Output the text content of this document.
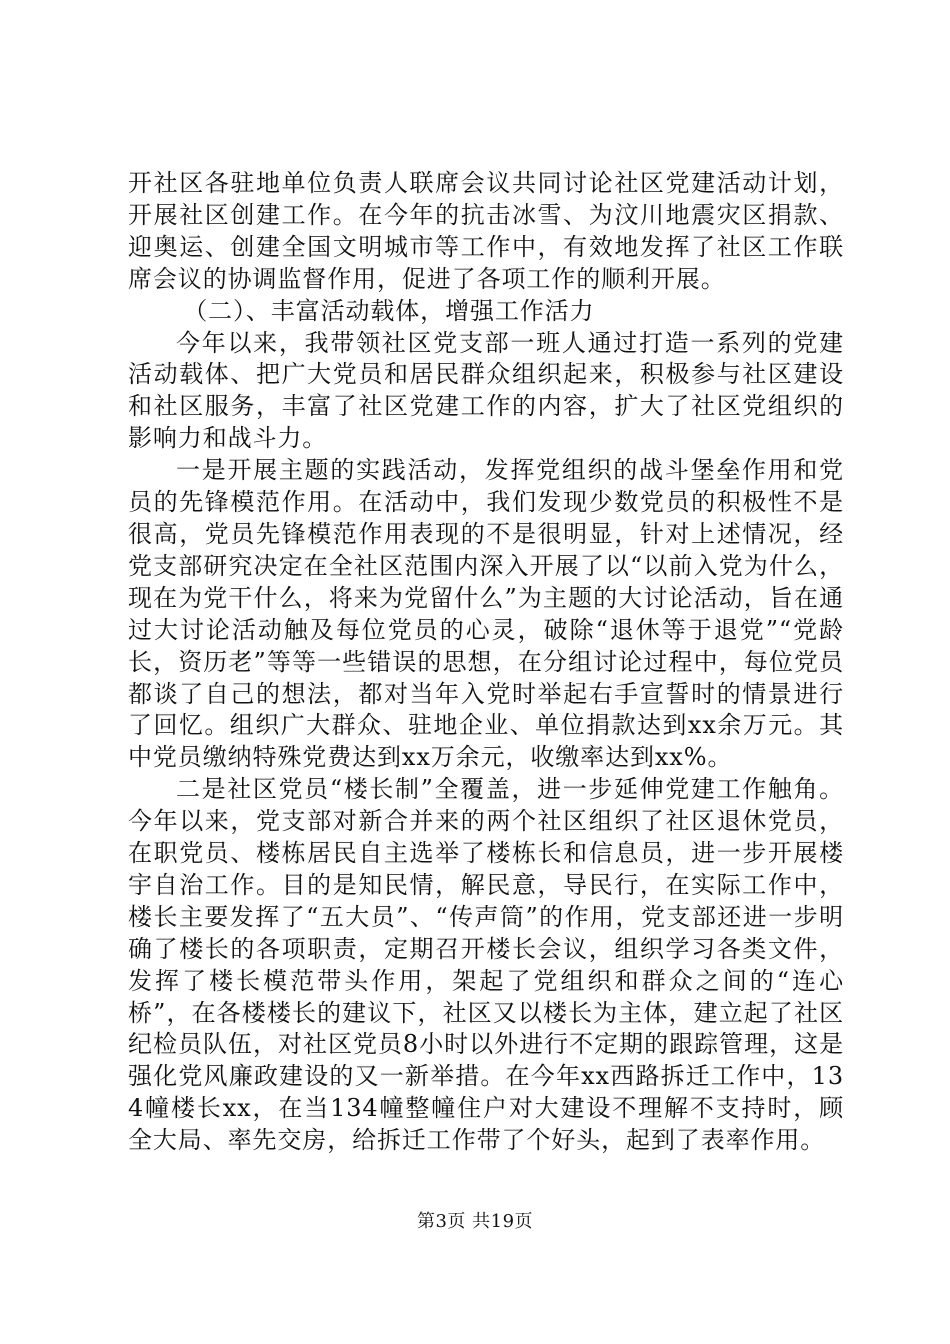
开社区各驻地单位负责人联席会议共同讨论社区党建活动计划，开展社区创建工作。在今年的抗击冰雪、为汶川地震灾区捐款、迎奥运、创建全国文明城市等工作中，有效地发挥了社区工作联席会议的协调监督作用，促进了各项工作的顺利开展。

（二）、丰富活动载体，增强工作活力

今年以来，我带领社区党支部一班人通过打造一系列的党建活动载体、把广大党员和居民群众组织起来，积极参与社区建设和社区服务，丰富了社区党建工作的内容，扩大了社区党组织的影响力和战斗力。

一是开展主题的实践活动，发挥党组织的战斗堡垒作用和党员的先锋模范作用。在活动中，我们发现少数党员的积极性不是很高，党员先锋模范作用表现的不是很明显，针对上述情况，经党支部研究决定在全社区范围内深入开展了以“以前入党为什么，现在为党干什么，将来为党留什么”为主题的大讨论活动，旨在通过大讨论活动触及每位党员的心灵，破除“退休等于退党”“党龄长，资历老”等等一些错误的思想，在分组讨论过程中，每位党员都谈了自己的想法，都对当年入党时举起右手宣誓时的情景进行了回忆。组织广大群众、驻地企业、单位捐款达到xx余万元。其中党员缴纳特殊党费达到xx万余元，收缴率达到xx%。

二是社区党员“楼长制”全覆盖，进一步延伸党建工作触角。今年以来，党支部对新合并来的两个社区组织了社区退休党员，在职党员、楼栋居民自主选举了楼栋长和信息员，进一步开展楼宇自治工作。目的是知民情，解民意，导民行，在实际工作中，楼长主要发挥了“五大员”、“传声筒”的作用，党支部还进一步明确了楼长的各项职责，定期召开楼长会议，组织学习各类文件，发挥了楼长模范带头作用，架起了党组织和群众之间的“连心桥”，在各楼楼长的建议下，社区又以楼长为主体，建立起了社区纪检员队伍，对社区党员8小时以外进行不定期的跟踪管理，这是强化党风廉政建设的又一新举措。在今年xx西路拆迁工作中，134幢楼长xx，在当134幢整幢住户对大建设不理解不支持时，顾全大局、率先交房，给拆迁工作带了个好头，起到了表率作用。

第3页 共19页
